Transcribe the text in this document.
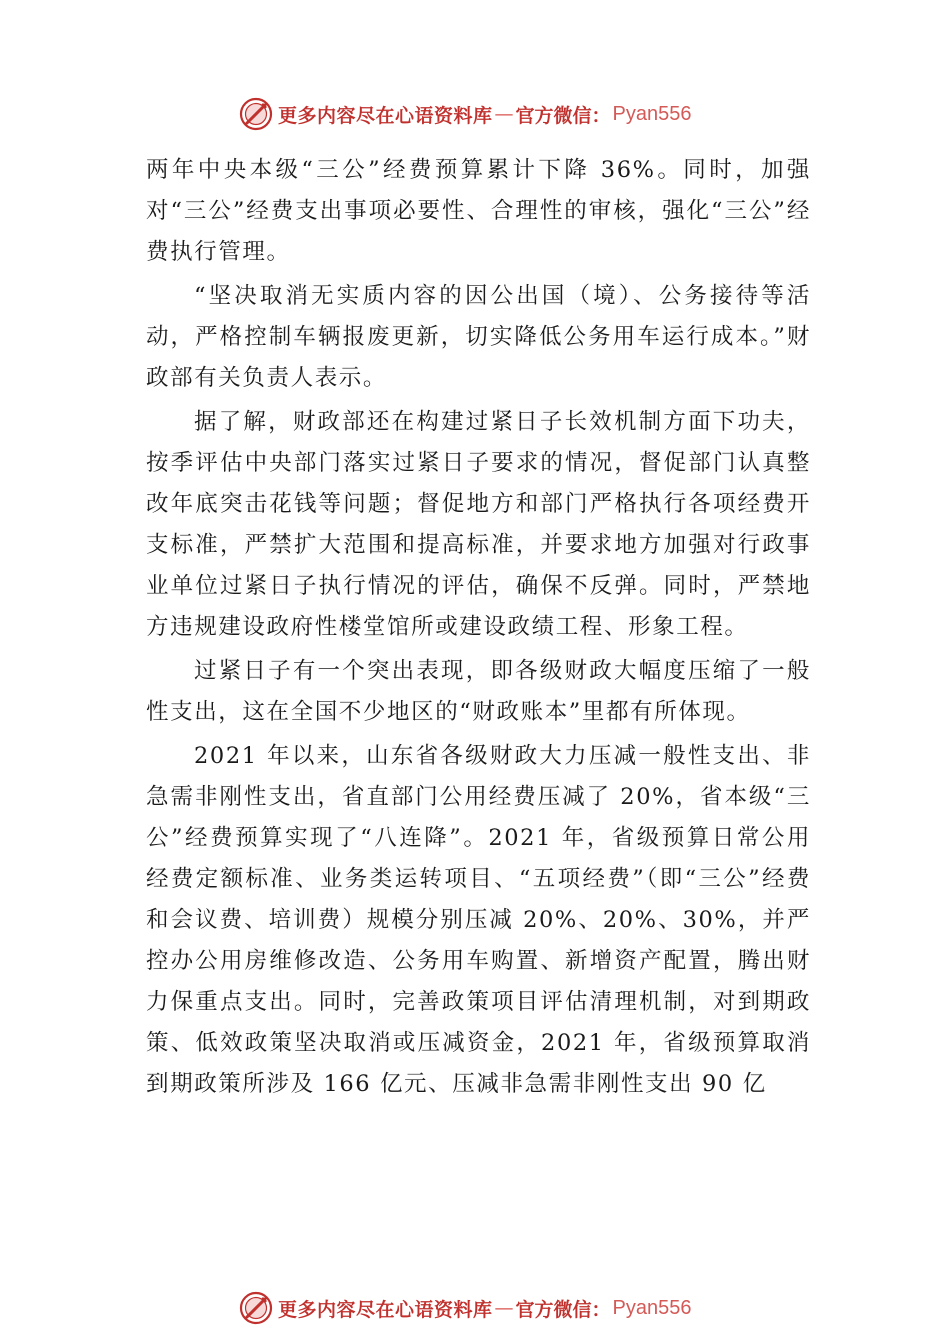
更多内容尽在心语资料库 — 官方微信： Pyan556

两年中央本级“三公”经费预算累计下降 36%。同时，加强对“三公”经费支出事项必要性、合理性的审核，强化“三公”经费执行管理。

“坚决取消无实质内容的因公出国（境）、公务接待等活动，严格控制车辆报废更新，切实降低公务用车运行成本。”财政部有关负责人表示。

据了解，财政部还在构建过紧日子长效机制方面下功夫，按季评估中央部门落实过紧日子要求的情况，督促部门认真整改年底突击花钱等问题；督促地方和部门严格执行各项经费开支标准，严禁扩大范围和提高标准，并要求地方加强对行政事业单位过紧日子执行情况的评估，确保不反弹。同时，严禁地方违规建设政府性楼堂馆所或建设政绩工程、形象工程。

过紧日子有一个突出表现，即各级财政大幅度压缩了一般性支出，这在全国不少地区的“财政账本”里都有所体现。

2021 年以来，山东省各级财政大力压减一般性支出、非急需非刚性支出，省直部门公用经费压减了 20%，省本级“三公”经费预算实现了“八连降”。2021 年，省级预算日常公用经费定额标准、业务类运转项目、“五项经费”（即“三公”经费和会议费、培训费）规模分别压减 20%、20%、30%，并严控办公用房维修改造、公务用车购置、新增资产配置，腾出财力保重点支出。同时，完善政策项目评估清理机制，对到期政策、低效政策坚决取消或压减资金，2021 年，省级预算取消到期政策所涉及 166 亿元、压减非急需非刚性支出 90 亿

更多内容尽在心语资料库 — 官方微信： Pyan556
